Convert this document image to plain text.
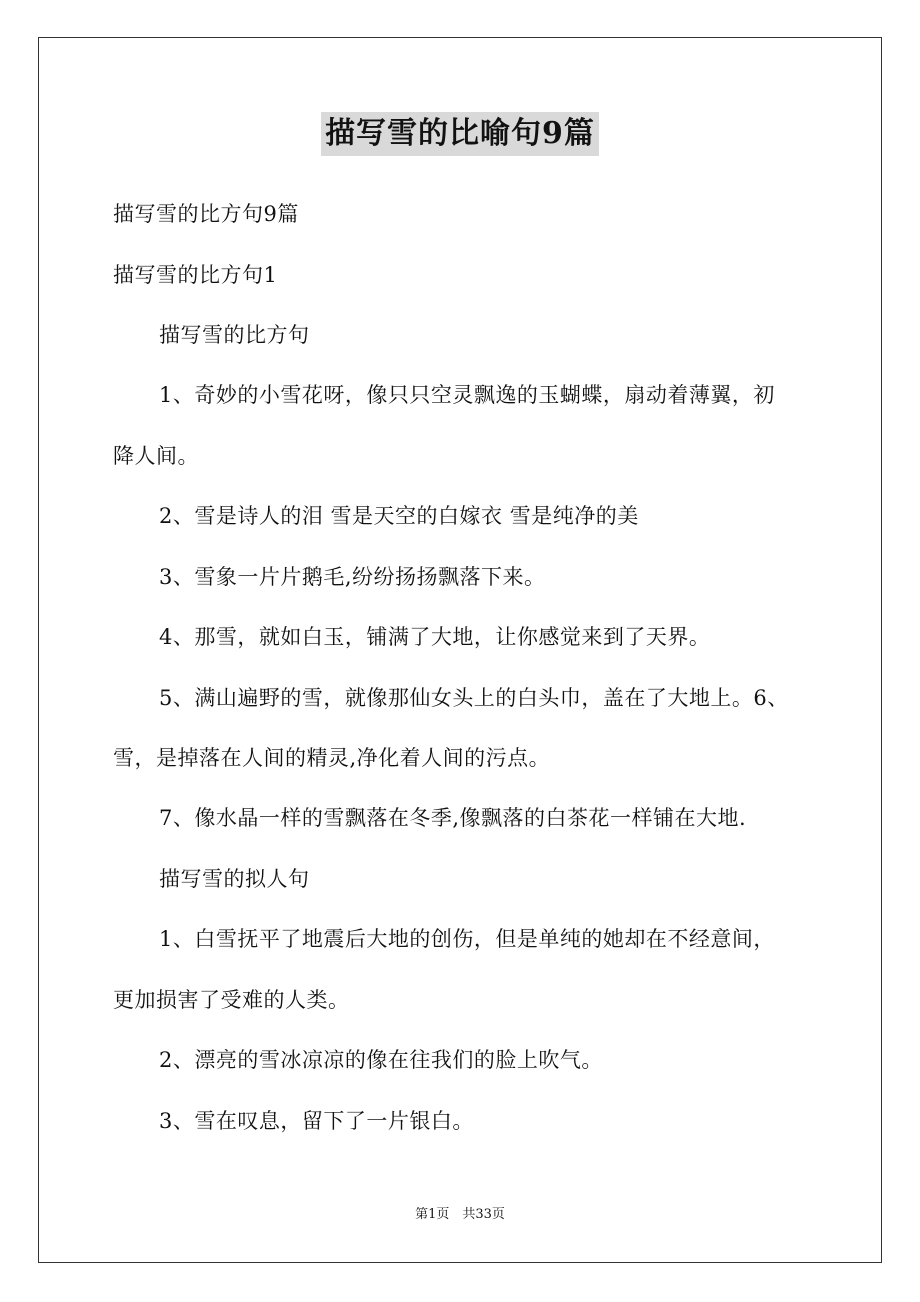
描写雪的比喻句9篇
描写雪的比方句9篇
描写雪的比方句1
描写雪的比方句
1、奇妙的小雪花呀，像只只空灵飘逸的玉蝴蝶，扇动着薄翼，初
降人间。
2、雪是诗人的泪 雪是天空的白嫁衣 雪是纯净的美
3、雪象一片片鹅毛,纷纷扬扬飘落下来。
4、那雪，就如白玉，铺满了大地，让你感觉来到了天界。
5、满山遍野的雪，就像那仙女头上的白头巾，盖在了大地上。6、
雪，是掉落在人间的精灵,净化着人间的污点。
7、像水晶一样的雪飘落在冬季,像飘落的白茶花一样铺在大地.
描写雪的拟人句
1、白雪抚平了地震后大地的创伤，但是单纯的她却在不经意间，
更加损害了受难的人类。
2、漂亮的雪冰凉凉的像在往我们的脸上吹气。
3、雪在叹息，留下了一片银白。
第1页　共33页
